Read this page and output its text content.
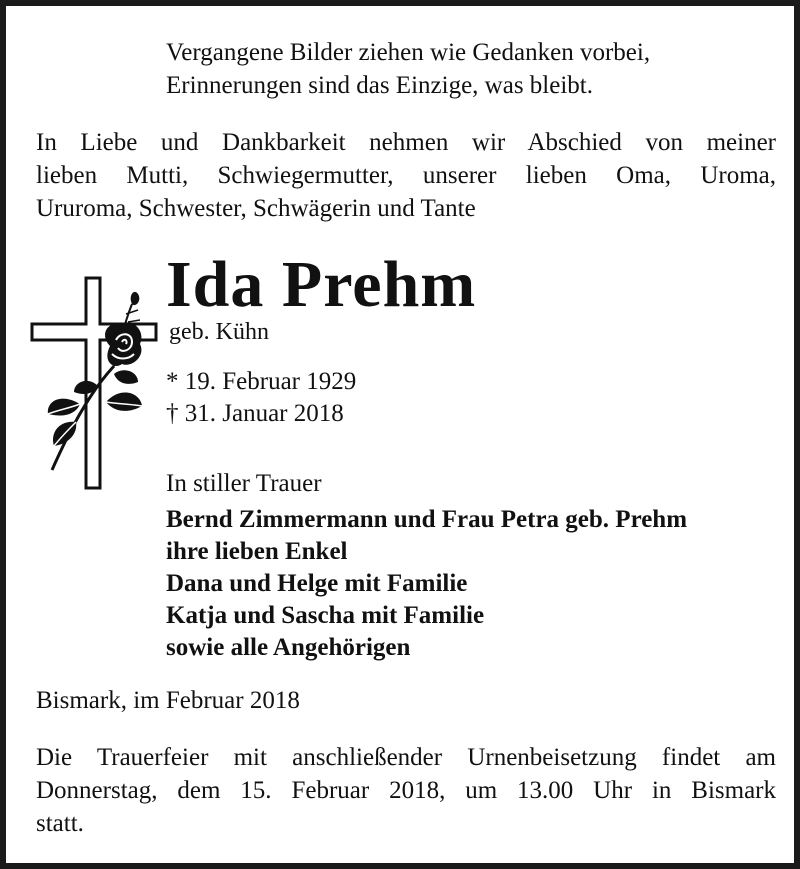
Vergangene Bilder ziehen wie Gedanken vorbei,
Erinnerungen sind das Einzige, was bleibt.
In Liebe und Dankbarkeit nehmen wir Abschied von meiner
lieben Mutti, Schwiegermutter, unserer lieben Oma, Uroma,
Ururoma, Schwester, Schwägerin und Tante
Ida Prehm
geb. Kühn
* 19. Februar 1929
† 31. Januar 2018
In stiller Trauer
Bernd Zimmermann und Frau Petra geb. Prehm
ihre lieben Enkel
Dana und Helge mit Familie
Katja und Sascha mit Familie
sowie alle Angehörigen
Bismark, im Februar 2018
Die Trauerfeier mit anschließender Urnenbeisetzung findet am
Donnerstag, dem 15. Februar 2018, um 13.00 Uhr in Bismark
statt.
